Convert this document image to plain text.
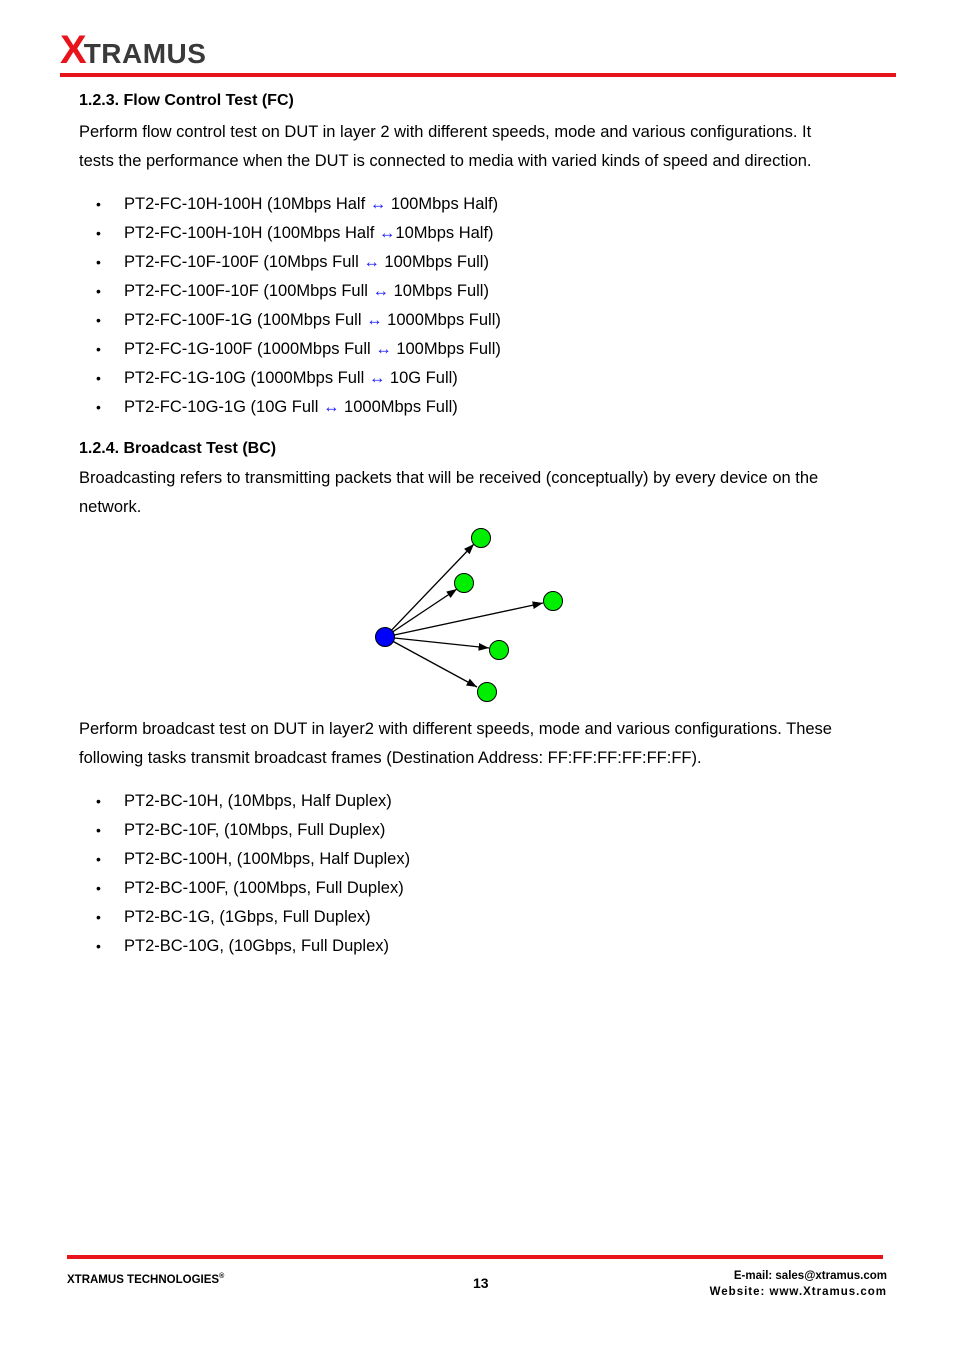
X
TRAMUS
1.2.3. Flow Control Test (FC)

Perform flow control test on DUT in layer 2 with different speeds, mode and various configurations. It

tests the performance when the DUT is connected to media with varied kinds of speed and direction.

• PT2-FC-10H-100H (10Mbps Half ↔ 100Mbps Half)
• PT2-FC-100H-10H (100Mbps Half ↔10Mbps Half)
• PT2-FC-10F-100F (10Mbps Full ↔ 100Mbps Full)
• PT2-FC-100F-10F (100Mbps Full ↔ 10Mbps Full)
• PT2-FC-100F-1G (100Mbps Full ↔ 1000Mbps Full)
• PT2-FC-1G-100F (1000Mbps Full ↔ 100Mbps Full)
• PT2-FC-1G-10G (1000Mbps Full ↔ 10G Full)
• PT2-FC-10G-1G (10G Full ↔ 1000Mbps Full)
1.2.4. Broadcast Test (BC)

Broadcasting refers to transmitting packets that will be received (conceptually) by every device on the

network.

Perform broadcast test on DUT in layer2 with different speeds, mode and various configurations. These

following tasks transmit broadcast frames (Destination Address: FF:FF:FF:FF:FF:FF).

• PT2-BC-10H, (10Mbps, Half Duplex)
• PT2-BC-10F, (10Mbps, Full Duplex)
• PT2-BC-100H, (100Mbps, Half Duplex)
• PT2-BC-100F, (100Mbps, Full Duplex)
• PT2-BC-1G, (1Gbps, Full Duplex)
• PT2-BC-10G, (10Gbps, Full Duplex)
XTRAMUS TECHNOLOGIES®	13	E-mail: sales@xtramus.com
Website: www.Xtramus.com
